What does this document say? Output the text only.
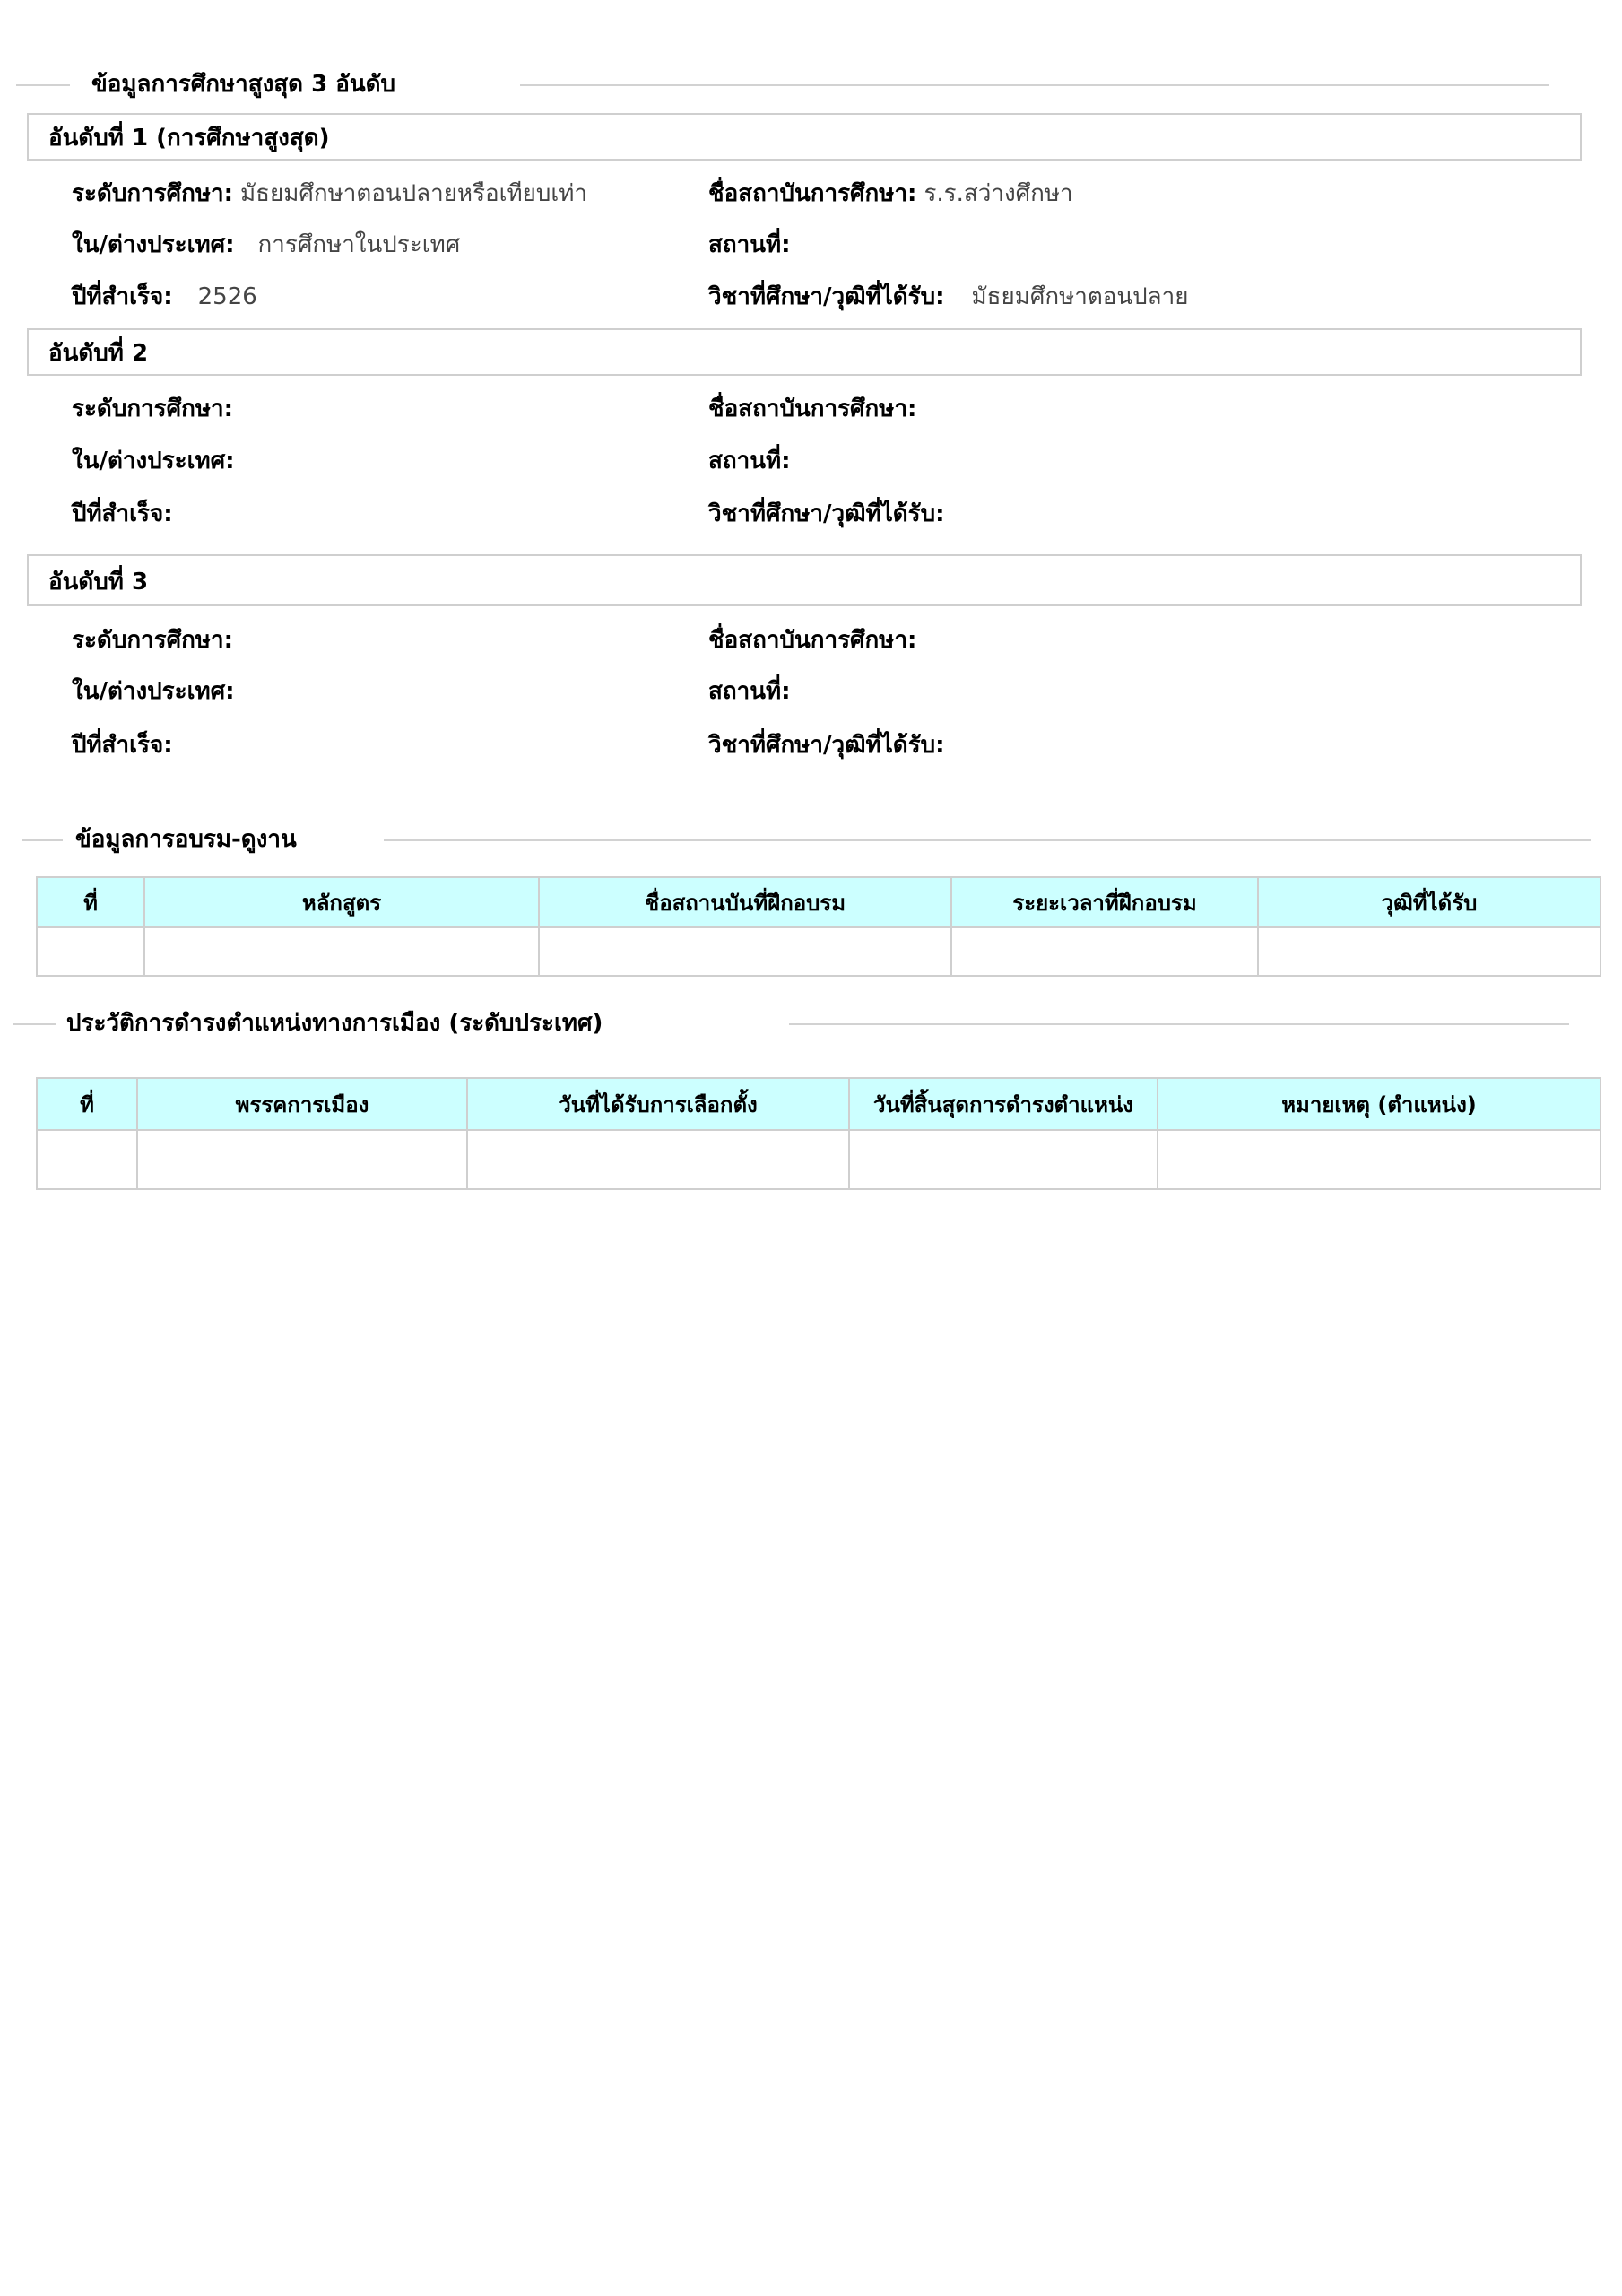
ข้อมูลการศึกษาสูงสุด 3 อันดับ
อันดับที่ 1 (การศึกษาสูงสุด)
ระดับการศึกษา: มัธยมศึกษาตอนปลายหรือเทียบเท่า
ใน/ต่างประเทศ: การศึกษาในประเทศ
ปีที่สำเร็จ: 2526
ชื่อสถาบันการศึกษา: ร.ร.สว่างศึกษา
สถานที่:
วิชาที่ศึกษา/วุฒิที่ได้รับ: มัธยมศึกษาตอนปลาย
อันดับที่ 2
ระดับการศึกษา:
ใน/ต่างประเทศ:
ปีที่สำเร็จ:
ชื่อสถาบันการศึกษา:
สถานที่:
วิชาที่ศึกษา/วุฒิที่ได้รับ:
อันดับที่ 3
ระดับการศึกษา:
ใน/ต่างประเทศ:
ปีที่สำเร็จ:
ชื่อสถาบันการศึกษา:
สถานที่:
วิชาที่ศึกษา/วุฒิที่ได้รับ:
ข้อมูลการอบรม-ดูงาน
ที่	หลักสูตร	ชื่อสถานบันที่ฝึกอบรม	ระยะเวลาที่ฝึกอบรม	วุฒิที่ได้รับ

ประวัติการดำรงตำแหน่งทางการเมือง (ระดับประเทศ)
ที่	พรรคการเมือง	วันที่ได้รับการเลือกตั้ง	วันที่สิ้นสุดการดำรงตำแหน่ง	หมายเหตุ (ตำแหน่ง)
